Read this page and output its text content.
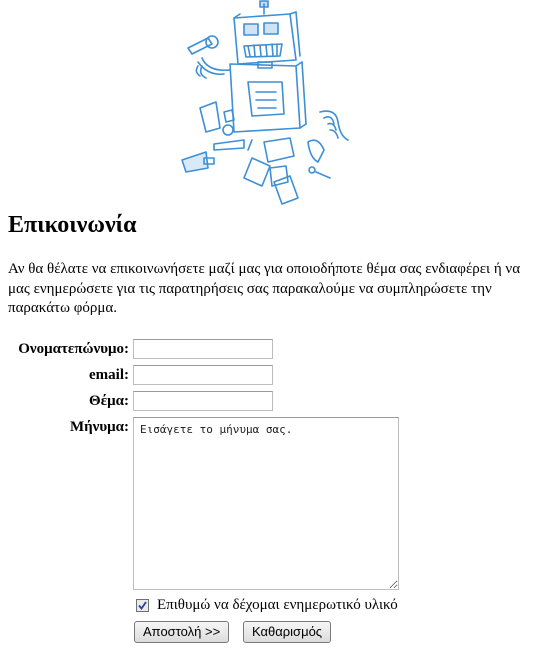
Επικοινωνία

Αν θα θέλατε να επικοινωνήσετε μαζί μας για οποιοδήποτε θέμα σας ενδιαφέρει ή να μας ενημερώσετε για τις παρατηρήσεις σας παρακαλούμε να συμπληρώσετε την παρακάτω φόρμα.

Ονοματεπώνυμο:
email:
Θέμα:
Μήνυμα:
Εισάγετε το μήνυμα σας.
Επιθυμώ να δέχομαι ενημερωτικό υλικό
Αποστολή >>	Καθαρισμός
